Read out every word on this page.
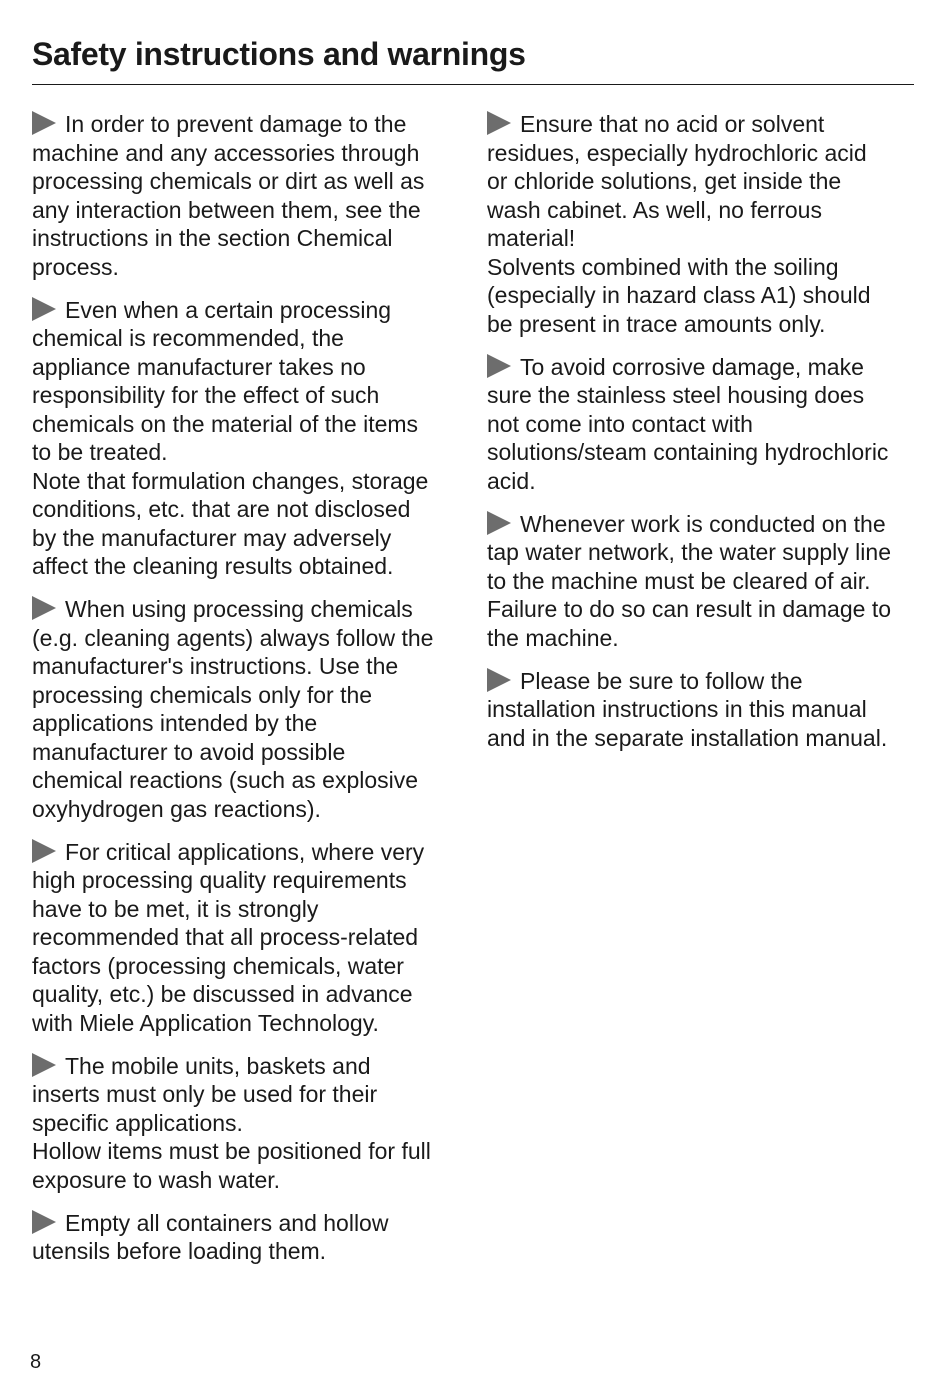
Safety instructions and warnings
In order to prevent damage to the
machine and any accessories through
processing chemicals or dirt as well as
any interaction between them, see the
instructions in the section Chemical
process.
Even when a certain processing
chemical is recommended, the
appliance manufacturer takes no
responsibility for the effect of such
chemicals on the material of the items
to be treated.
Note that formulation changes, storage
conditions, etc. that are not disclosed
by the manufacturer may adversely
affect the cleaning results obtained.
When using processing chemicals
(e.g. cleaning agents) always follow the
manufacturer's instructions. Use the
processing chemicals only for the
applications intended by the
manufacturer to avoid possible
chemical reactions (such as explosive
oxyhydrogen gas reactions).
For critical applications, where very
high processing quality requirements
have to be met, it is strongly
recommended that all process-related
factors (processing chemicals, water
quality, etc.) be discussed in advance
with Miele Application Technology.
The mobile units, baskets and
inserts must only be used for their
specific applications.
Hollow items must be positioned for full
exposure to wash water.
Empty all containers and hollow
utensils before loading them.
Ensure that no acid or solvent
residues, especially hydrochloric acid
or chloride solutions, get inside the
wash cabinet. As well, no ferrous
material!
Solvents combined with the soiling
(especially in hazard class A1) should
be present in trace amounts only.
To avoid corrosive damage, make
sure the stainless steel housing does
not come into contact with
solutions/steam containing hydrochloric
acid.
Whenever work is conducted on the
tap water network, the water supply line
to the machine must be cleared of air.
Failure to do so can result in damage to
the machine.
Please be sure to follow the
installation instructions in this manual
and in the separate installation manual.
8
